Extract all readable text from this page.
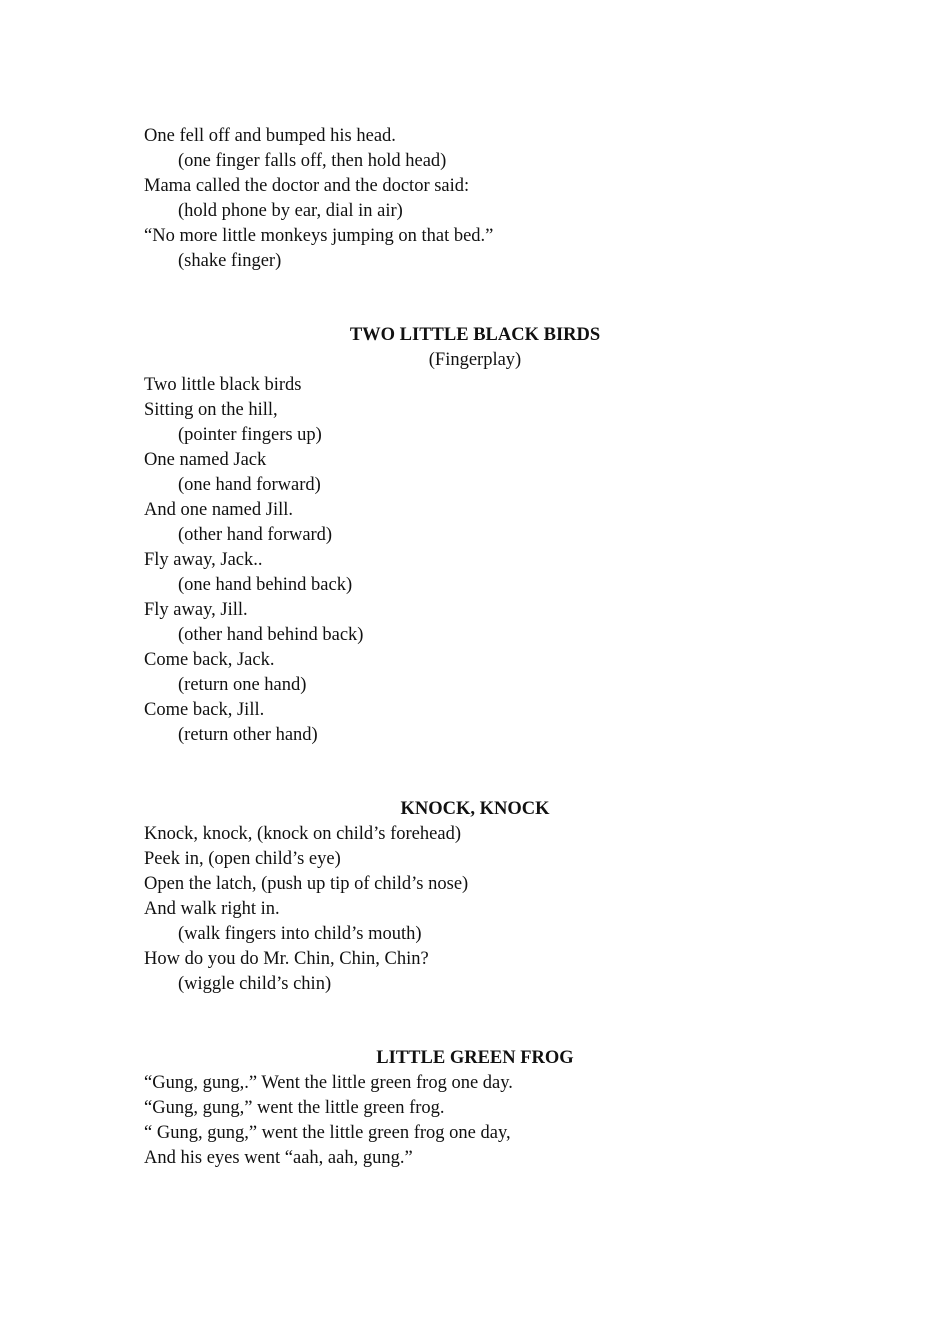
One fell off and bumped his head.
(one finger falls off, then hold head)
Mama called the doctor and the doctor said:
(hold phone by ear, dial in air)
“No more little monkeys jumping on that bed.”
(shake finger)
TWO LITTLE BLACK BIRDS
(Fingerplay)
Two little black birds
Sitting on the hill,
(pointer fingers up)
One named Jack
(one hand forward)
And one named Jill.
(other hand forward)
Fly away, Jack..
(one hand behind back)
Fly away, Jill.
(other hand behind back)
Come back, Jack.
(return one hand)
Come back, Jill.
(return other hand)
KNOCK, KNOCK
Knock, knock, (knock on child’s forehead)
Peek in, (open child’s eye)
Open the latch, (push up tip of child’s nose)
And walk right in.
(walk fingers into child’s mouth)
How do you do Mr. Chin, Chin, Chin?
(wiggle child’s chin)
LITTLE GREEN FROG
“Gung, gung,.” Went the little green frog one day.
“Gung, gung,” went the little green frog.
“ Gung, gung,” went the little green frog one day,
And his eyes went “aah, aah, gung.”
